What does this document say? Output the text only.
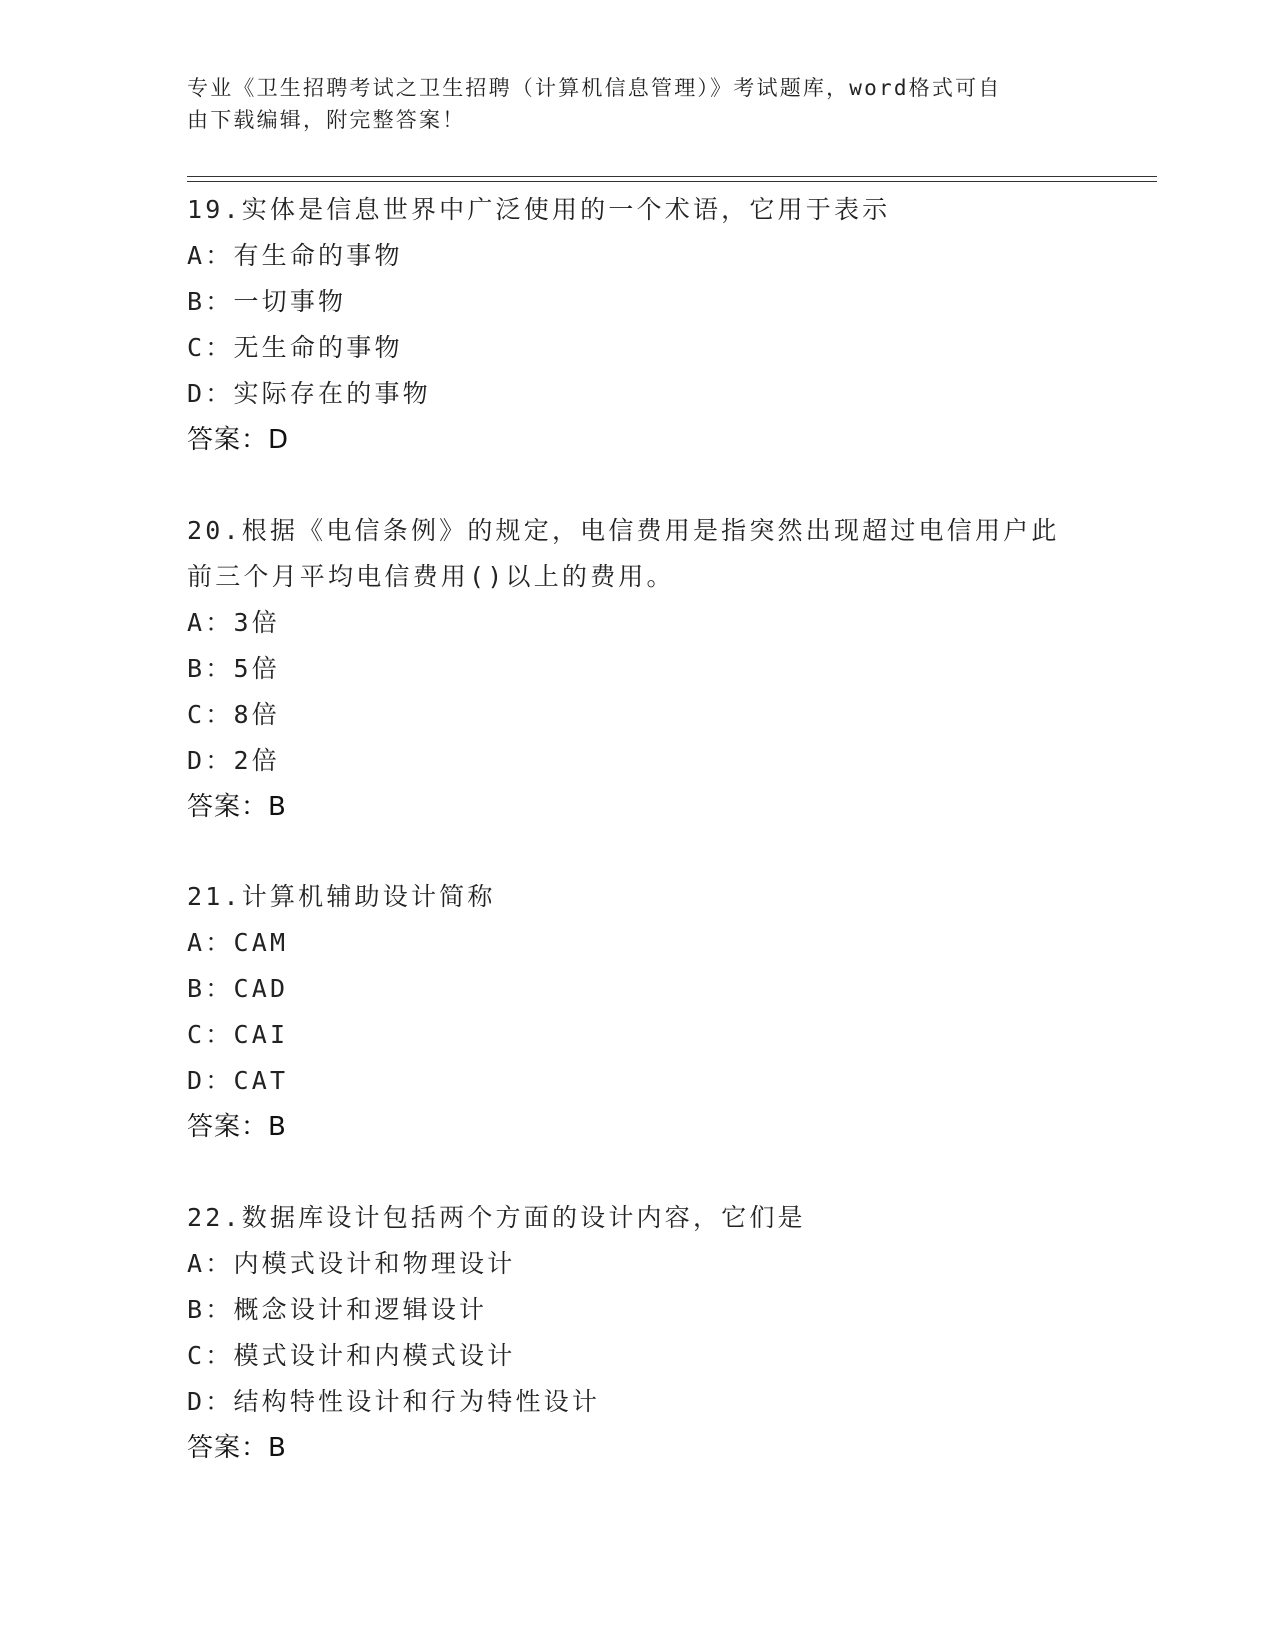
专业《卫生招聘考试之卫生招聘（计算机信息管理）》考试题库，word格式可自
由下载编辑，附完整答案！
19.实体是信息世界中广泛使用的一个术语，它用于表示
A：有生命的事物
B：一切事物
C：无生命的事物
D：实际存在的事物
答案：D
20.根据《电信条例》的规定，电信费用是指突然出现超过电信用户此
前三个月平均电信费用()以上的费用。
A：3倍
B：5倍
C：8倍
D：2倍
答案：B
21.计算机辅助设计简称
A：CAM
B：CAD
C：CAI
D：CAT
答案：B
22.数据库设计包括两个方面的设计内容，它们是
A：内模式设计和物理设计
B：概念设计和逻辑设计
C：模式设计和内模式设计
D：结构特性设计和行为特性设计
答案：B
